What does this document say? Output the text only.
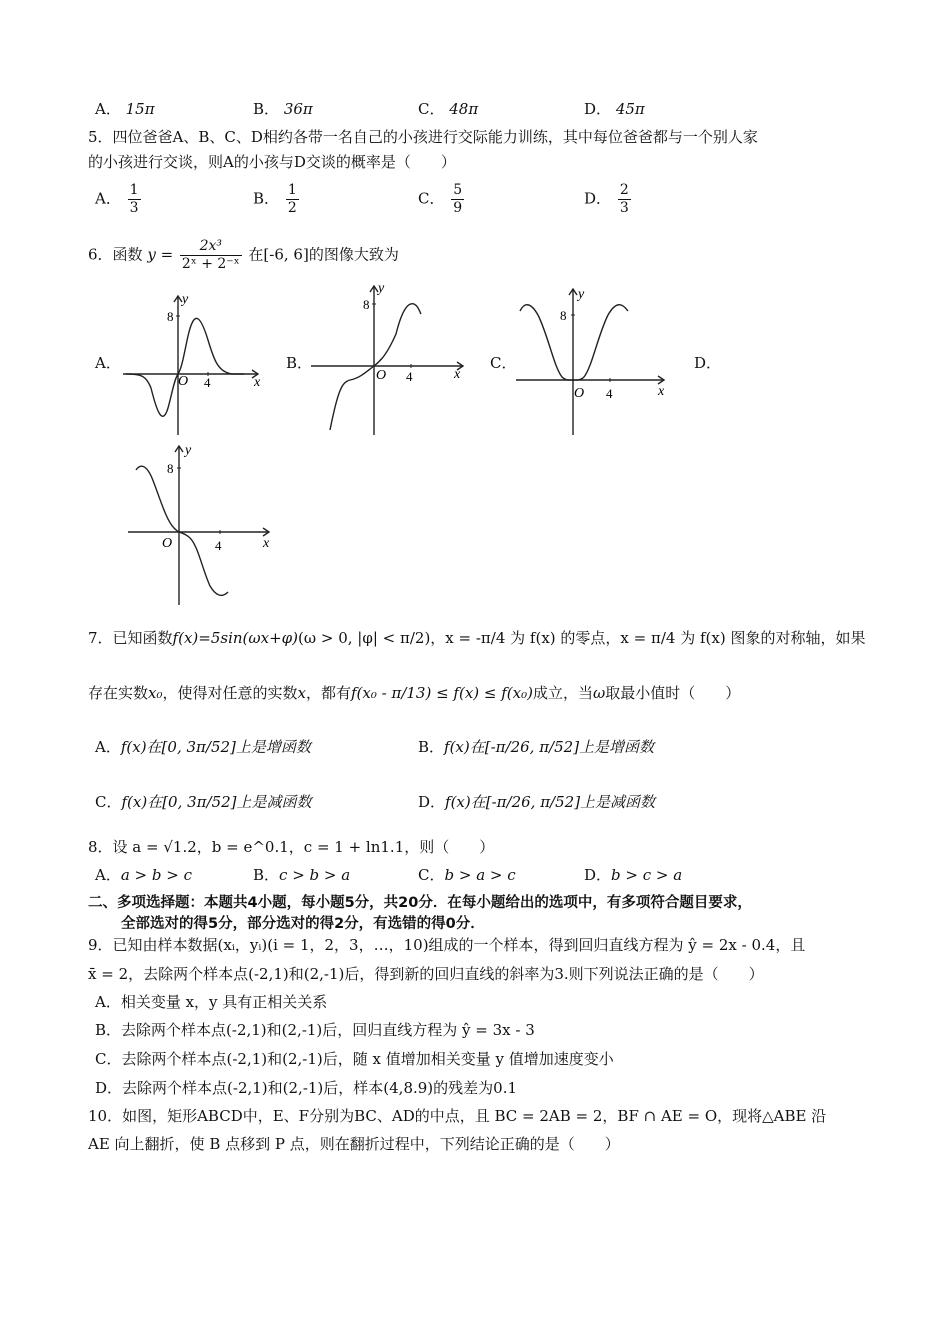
A． 15π	B． 36π	C． 48π	D． 45π
5．四位爸爸A、B、C、D相约各带一名自己的小孩进行交际能力训练，其中每位爸爸都与一个别人家
的小孩进行交谈，则A的小孩与D交谈的概率是（　　）
A． $\frac{1}{3}$	B． $\frac{1}{2}$	C． $\frac{5}{9}$	D． $\frac{2}{3}$
6．函数 $y = \frac{\text{2x³}}{\text{2ˣ + 2⁻ˣ}}$ 在[-6, 6]的图像大致为
A．	B．	C．	D．
y
x
O
8
4
y
x
O
8
4
y
x
O
8
4
y
x
O
8
4
7．已知函数f(x)=5sin(ωx+φ)(ω > 0, |φ| < π/2)，x = -π/4 为 f(x) 的零点，x = π/4 为 f(x) 图象的对称轴，如果
存在实数x₀，使得对任意的实数x，都有f(x₀ - π/13) ≤ f(x) ≤ f(x₀)成立，当ω取最小值时（　　）
A．f(x)在[0, 3π/52]上是增函数	B．f(x)在[-π/26, π/52]上是增函数
C．f(x)在[0, 3π/52]上是减函数	D．f(x)在[-π/26, π/52]上是减函数
8．设 a = √1.2，b = e^0.1，c = 1 + ln1.1，则（　　）
A．a > b > c	B．c > b > a	C．b > a > c	D．b > c > a
二、多项选择题：本题共4小题，每小题5分，共20分．在每小题给出的选项中，有多项符合题目要求，
全部选对的得5分，部分选对的得2分，有选错的得0分．
9．已知由样本数据(xᵢ，yᵢ)(i = 1，2，3，…，10)组成的一个样本，得到回归直线方程为 ŷ = 2x - 0.4，且
x̄ = 2，去除两个样本点(-2,1)和(2,-1)后，得到新的回归直线的斜率为3.则下列说法正确的是（　　）
A．相关变量 x，y 具有正相关关系
B．去除两个样本点(-2,1)和(2,-1)后，回归直线方程为 ŷ = 3x - 3
C．去除两个样本点(-2,1)和(2,-1)后，随 x 值增加相关变量 y 值增加速度变小
D．去除两个样本点(-2,1)和(2,-1)后，样本(4,8.9)的残差为0.1
10．如图，矩形ABCD中，E、F分别为BC、AD的中点，且 BC = 2AB = 2，BF ∩ AE = O，现将△ABE 沿
AE 向上翻折，使 B 点移到 P 点，则在翻折过程中，下列结论正确的是（　　）
